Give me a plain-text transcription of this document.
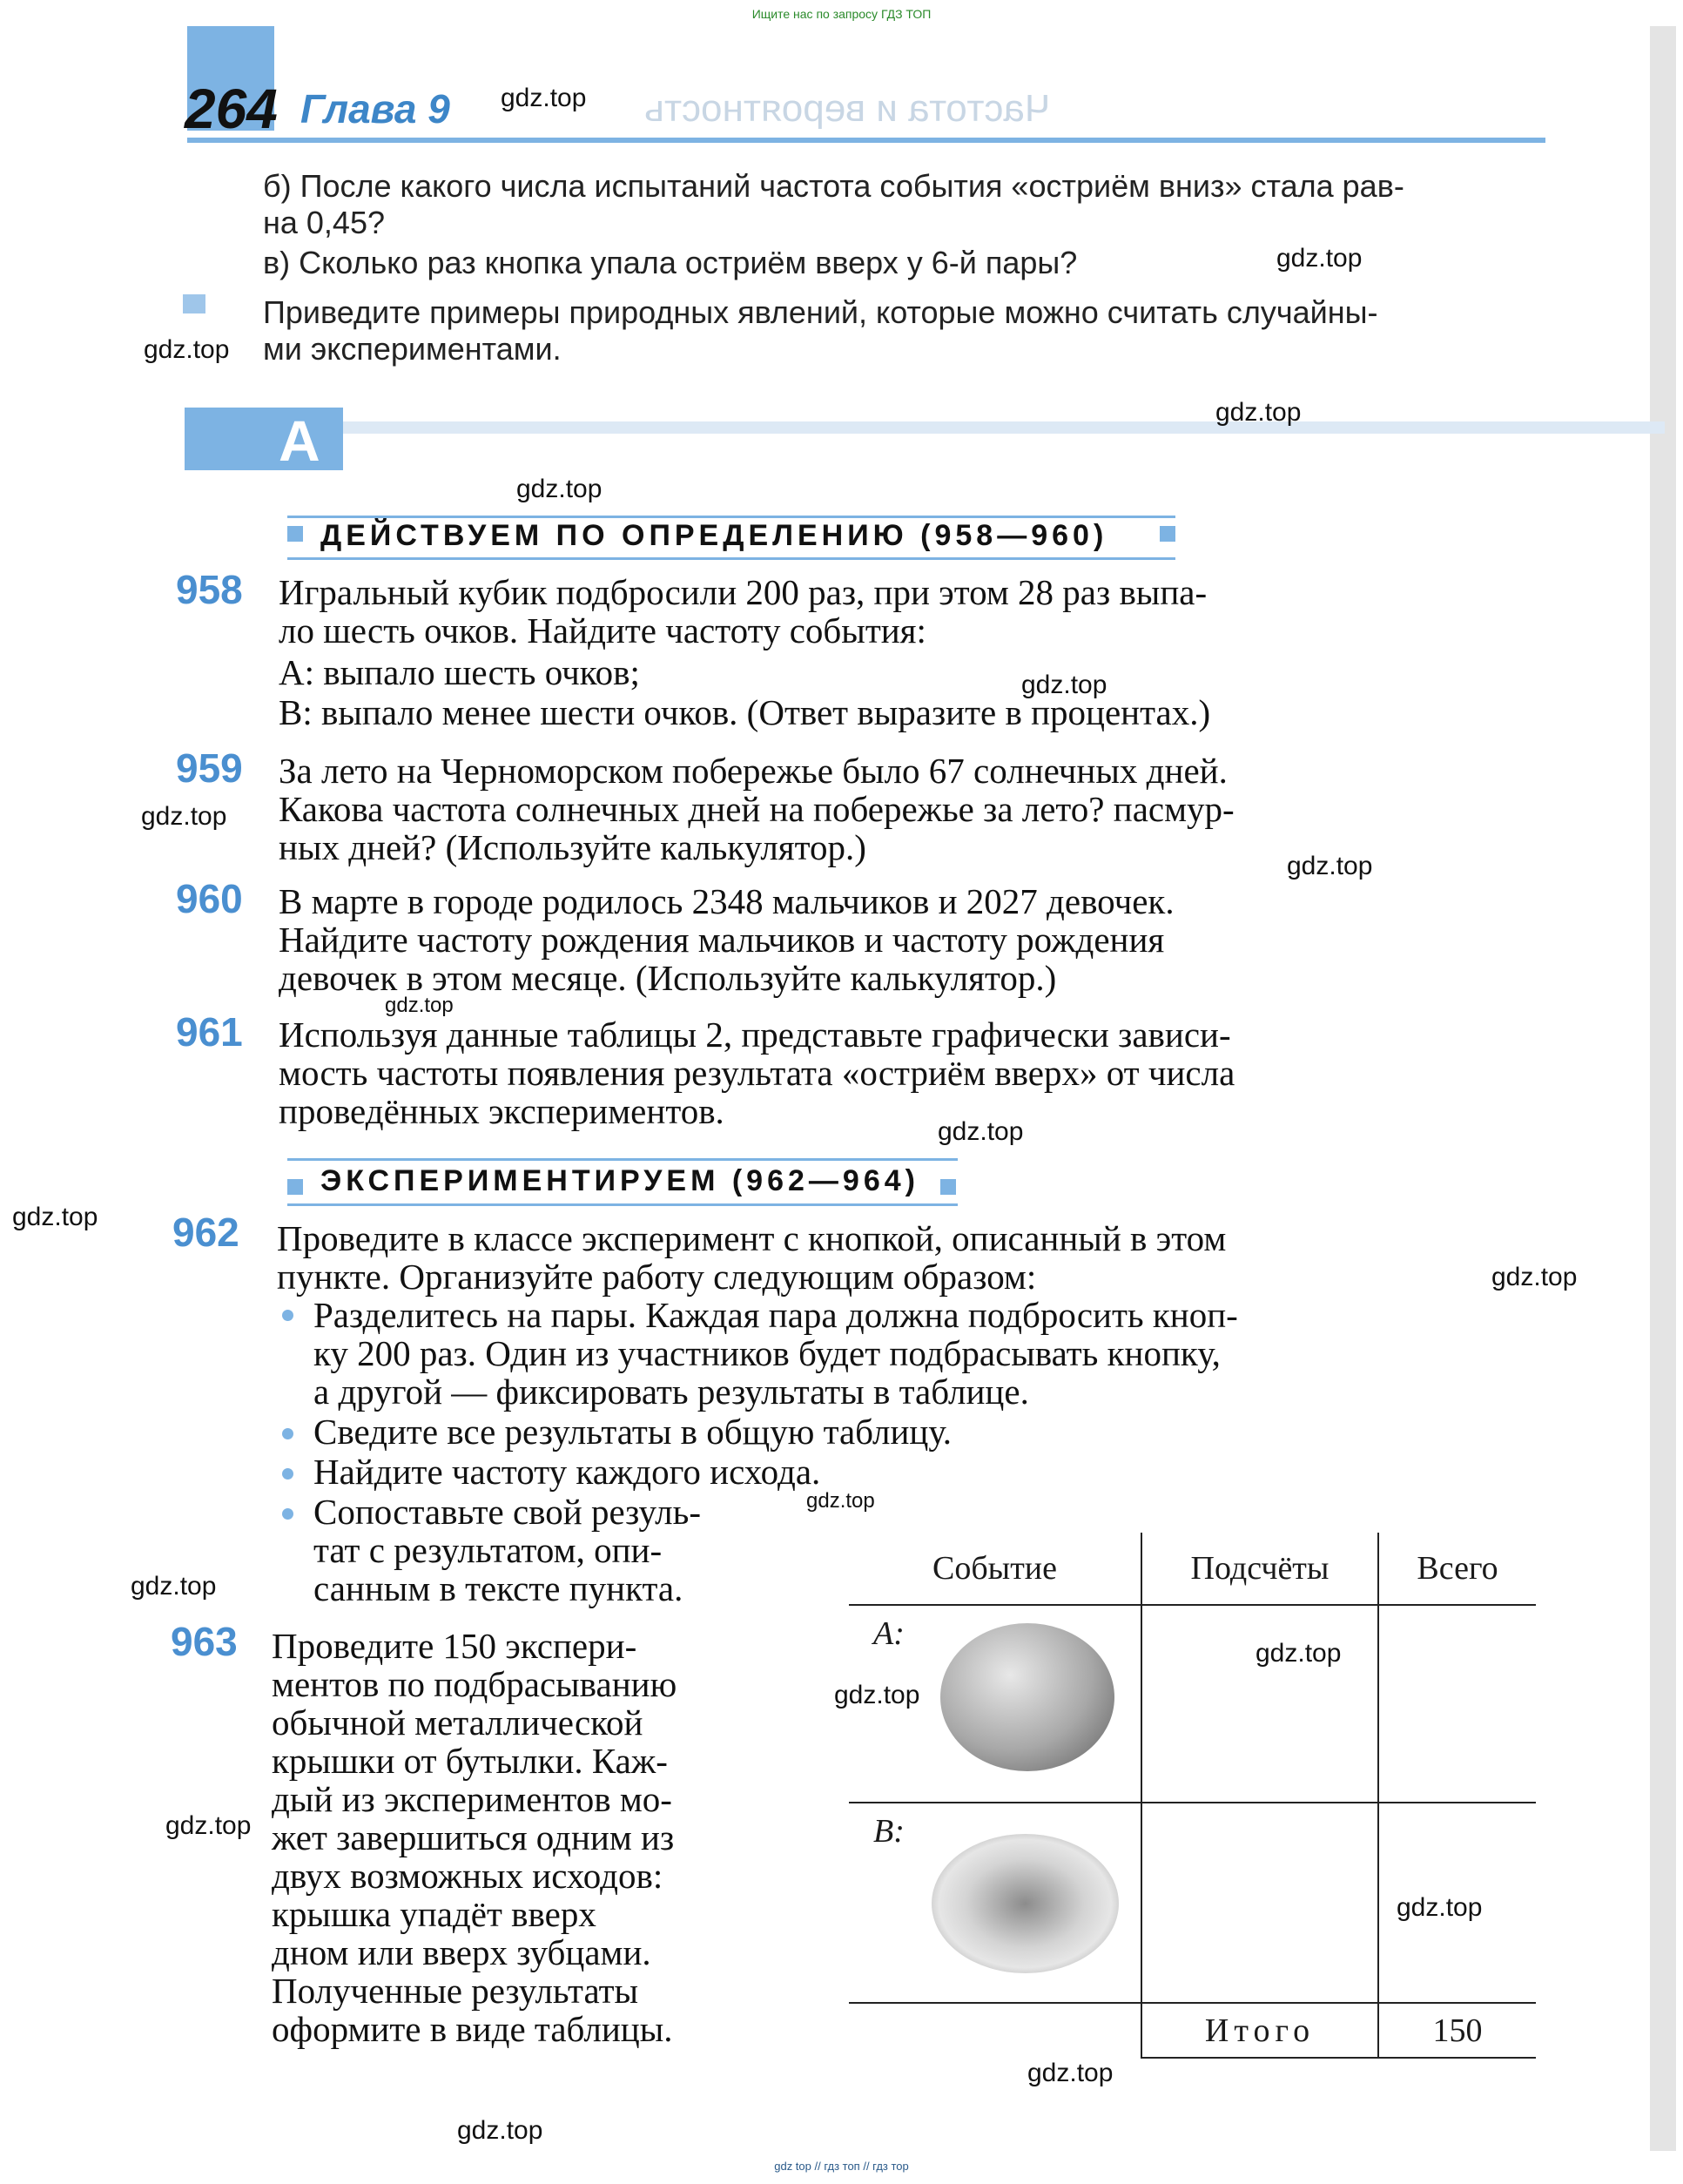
Ищите нас по запросу ГДЗ ТОП
gdz top // гдз топ // гдз тор
264 Глава 9	Частота и вероятность
б) После какого числа испытаний частота события «остриём вниз» стала рав-
на 0,45?
в) Сколько раз кнопка упала остриём вверх у 6-й пары?
Приведите примеры природных явлений, которые можно считать случайны-
ми экспериментами.
А
ДЕЙСТВУЕМ ПО ОПРЕДЕЛЕНИЮ (958—960)
958 Игральный кубик подбросили 200 раз, при этом 28 раз выпа-
ло шесть очков. Найдите частоту события:
A: выпало шесть очков;
B: выпало менее шести очков. (Ответ выразите в процентах.)
959 За лето на Черноморском побережье было 67 солнечных дней.
Какова частота солнечных дней на побережье за лето? пасмур-
ных дней? (Используйте калькулятор.)
960 В марте в городе родилось 2348 мальчиков и 2027 девочек.
Найдите частоту рождения мальчиков и частоту рождения
девочек в этом месяце. (Используйте калькулятор.)
961 Используя данные таблицы 2, представьте графически зависи-
мость частоты появления результата «остриём вверх» от числа
проведённых экспериментов.
ЭКСПЕРИМЕНТИРУЕМ (962—964)
962 Проведите в классе эксперимент с кнопкой, описанный в этом
пункте. Организуйте работу следующим образом:
Разделитесь на пары. Каждая пара должна подбросить кноп-
ку 200 раз. Один из участников будет подбрасывать кнопку,
а другой — фиксировать результаты в таблице.
Сведите все результаты в общую таблицу.
Найдите частоту каждого исхода.
Сопоставьте свой резуль-
тат с результатом, опи-
санным в тексте пункта.
963 Проведите 150 экспери-
ментов по подбрасыванию
обычной металлической
крышки от бутылки. Каж-
дый из экспериментов мо-
жет завершиться одним из
двух возможных исходов:
крышка упадёт вверх
дном или вверх зубцами.
Полученные результаты
оформите в виде таблицы.
Событие	Подсчёты	Всего

A:		

B:		

	Итого	150
gdz.top
gdz.top
gdz.top
gdz.top
gdz.top
gdz.top
gdz.top
gdz.top
gdz.top
gdz.top
gdz.top
gdz.top
gdz.top
gdz.top
gdz.top
gdz.top
gdz.top
gdz.top
gdz.top
gdz.top
